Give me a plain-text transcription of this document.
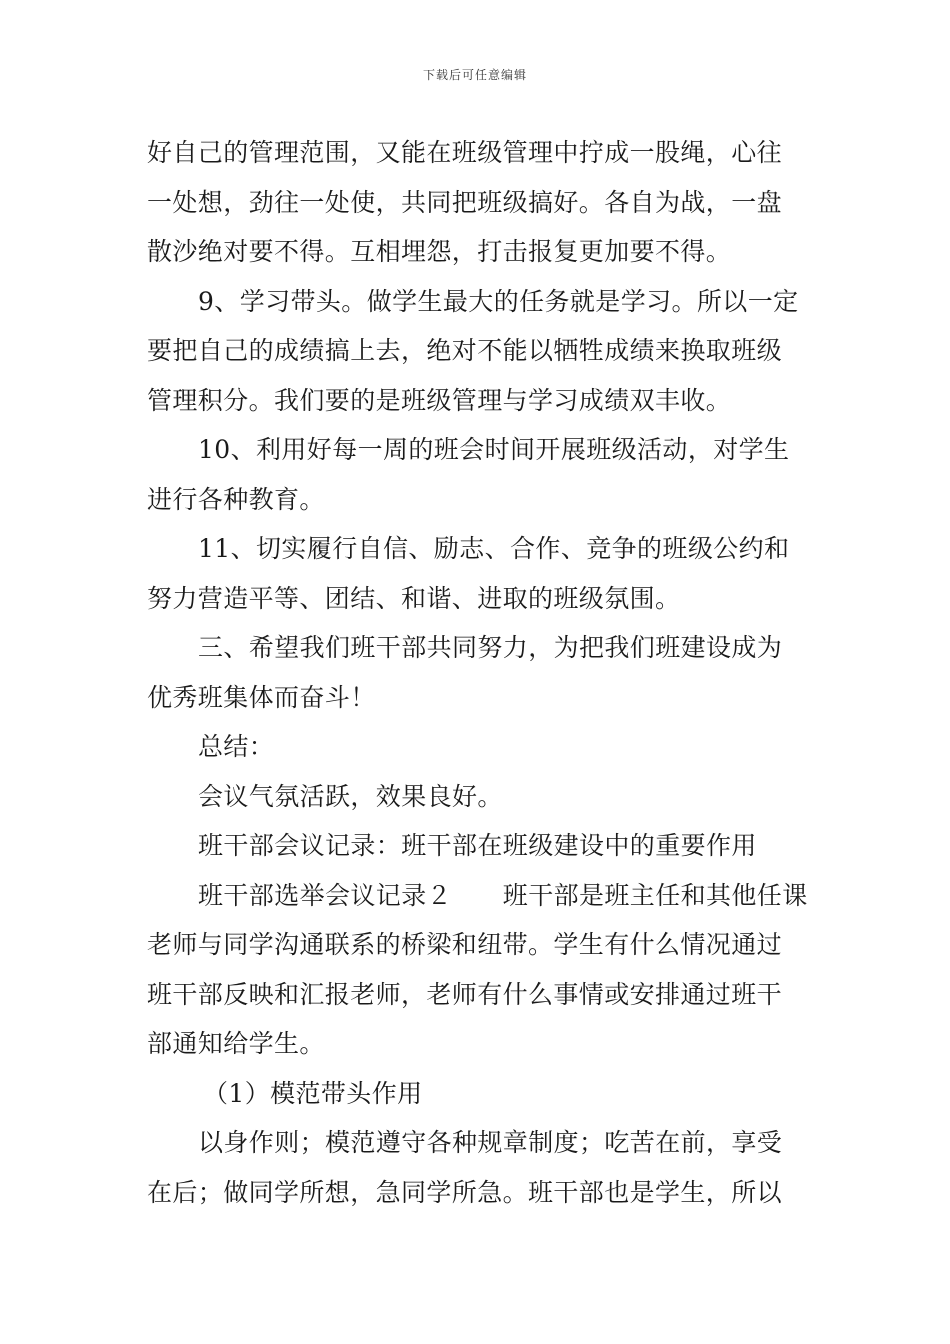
下载后可任意编辑
好自己的管理范围，又能在班级管理中拧成一股绳，心往
一处想，劲往一处使，共同把班级搞好。各自为战，一盘
散沙绝对要不得。互相埋怨，打击报复更加要不得。
9、学习带头。做学生最大的任务就是学习。所以一定
要把自己的成绩搞上去，绝对不能以牺牲成绩来换取班级
管理积分。我们要的是班级管理与学习成绩双丰收。
10、利用好每一周的班会时间开展班级活动，对学生
进行各种教育。
11、切实履行自信、励志、合作、竞争的班级公约和
努力营造平等、团结、和谐、进取的班级氛围。
三、希望我们班干部共同努力，为把我们班建设成为
优秀班集体而奋斗！
总结：
会议气氛活跃，效果良好。
班干部会议记录：班干部在班级建设中的重要作用
班干部选举会议记录２　　班干部是班主任和其他任课
老师与同学沟通联系的桥梁和纽带。学生有什么情况通过
班干部反映和汇报老师，老师有什么事情或安排通过班干
部通知给学生。
（1）模范带头作用
以身作则；模范遵守各种规章制度；吃苦在前，享受
在后；做同学所想，急同学所急。班干部也是学生，所以
